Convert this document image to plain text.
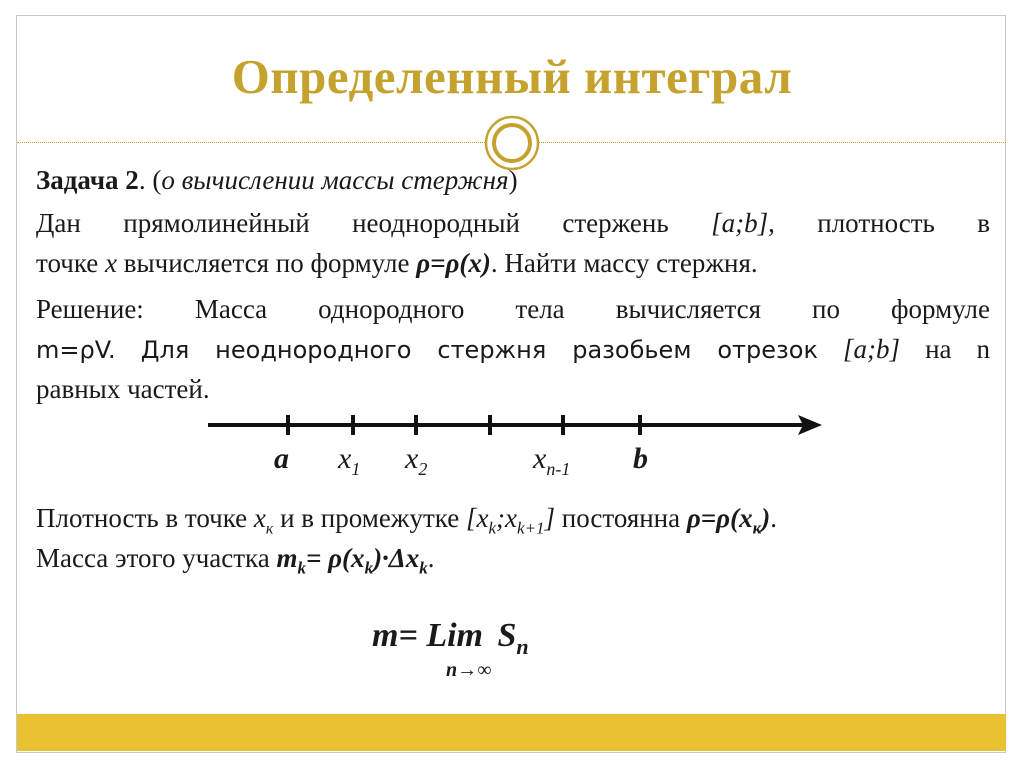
Определенный интеграл
Задача 2. (о вычислении массы стержня)
Дан прямолинейный неоднородный стержень [a;b], плотность в
точке x вычисляется по формуле ρ=ρ(x). Найти массу стержня.
Решение: Масса однородного тела вычисляется по формуле
m=ρV. Для неоднородного стержня разобьем отрезок [a;b] на n
равных частей.
a $x_1$ $x_2$	$x_{n-1}$ b
Плотность в точке $x_к$ и в промежутке $[x_k;x_{k+1}]$ постоянна $\rho=\rho(x_к)$.
Масса этого участка $m_k= \rho(x_k)\cdot\Delta x_k$.
m= Lim $S_n$
n→∞
